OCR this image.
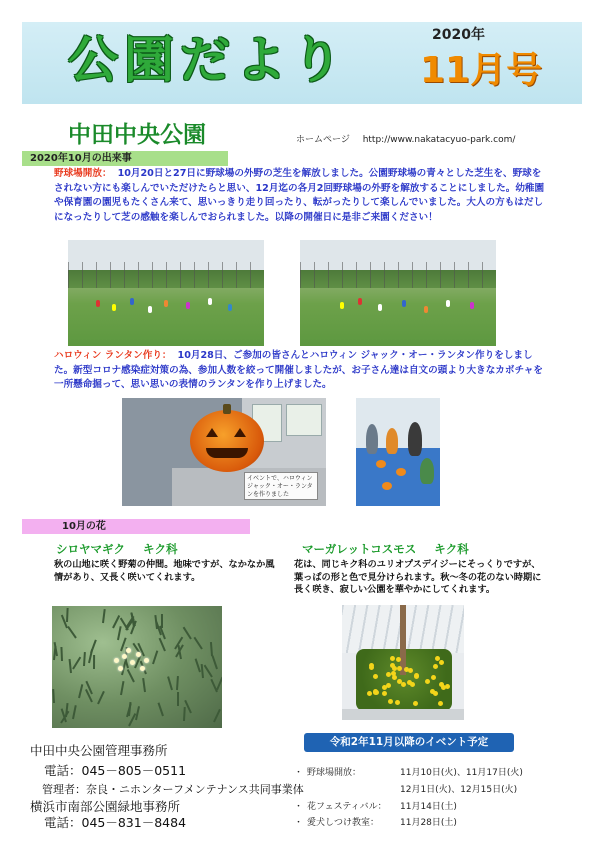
公園だより	2020年
11月号
中田中央公園	ホームページ http://www.nakatacyuo-park.com/
2020年10月の出来事
野球場開放： 10月20日と27日に野球場の外野の芝生を解放しました。公園野球場の青々とした芝生を、野球をされない方にも楽しんでいただけたらと思い、12月迄の各月2回野球場の外野を解放することにしました。幼稚園や保育園の園児もたくさん来て、思いっきり走り回ったり、転がったりして楽しんでいました。大人の方もはだしになったりして芝の感触を楽しんでおられました。以降の開催日に是非ご来園ください！
ハロウィン ランタン作り： 10月28日、ご参加の皆さんとハロウィン ジャック・オー・ランタン作りをしました。新型コロナ感染症対策の為、参加人数を絞って開催しましたが、お子さん達は自文の頭より大きなカボチャを一所懸命掘って、思い思いの表情のランタンを作り上げました。
イベントで、ハロウィン ジャック・オー・ランタンを作りました
10月の花
シロヤマギク キク科
秋の山地に咲く野菊の仲間。地味ですが、なかなか風情があり、又長く咲いてくれます。
マーガレットコスモス キク科
花は、同じキク科のユリオプスデイジーにそっくりですが、葉っぱの形と色で見分けられます。秋～冬の花のない時期に長く咲き、寂しい公園を華やかにしてくれます。
中田中央公園管理事務所
電話：045－805－0511
管理者：奈良・ニホンターフメンテナンス共同事業体
横浜市南部公園緑地事務所
電話：045－831－8484
令和2年11月以降のイベント予定
・ 野球場開放：	11月10日(火)、11月17日(火)
12月1日(火)、12月15日(火)
・ 花フェスティバル： 11月14日(土)
・ 愛犬しつけ教室： 11月28日(土)
